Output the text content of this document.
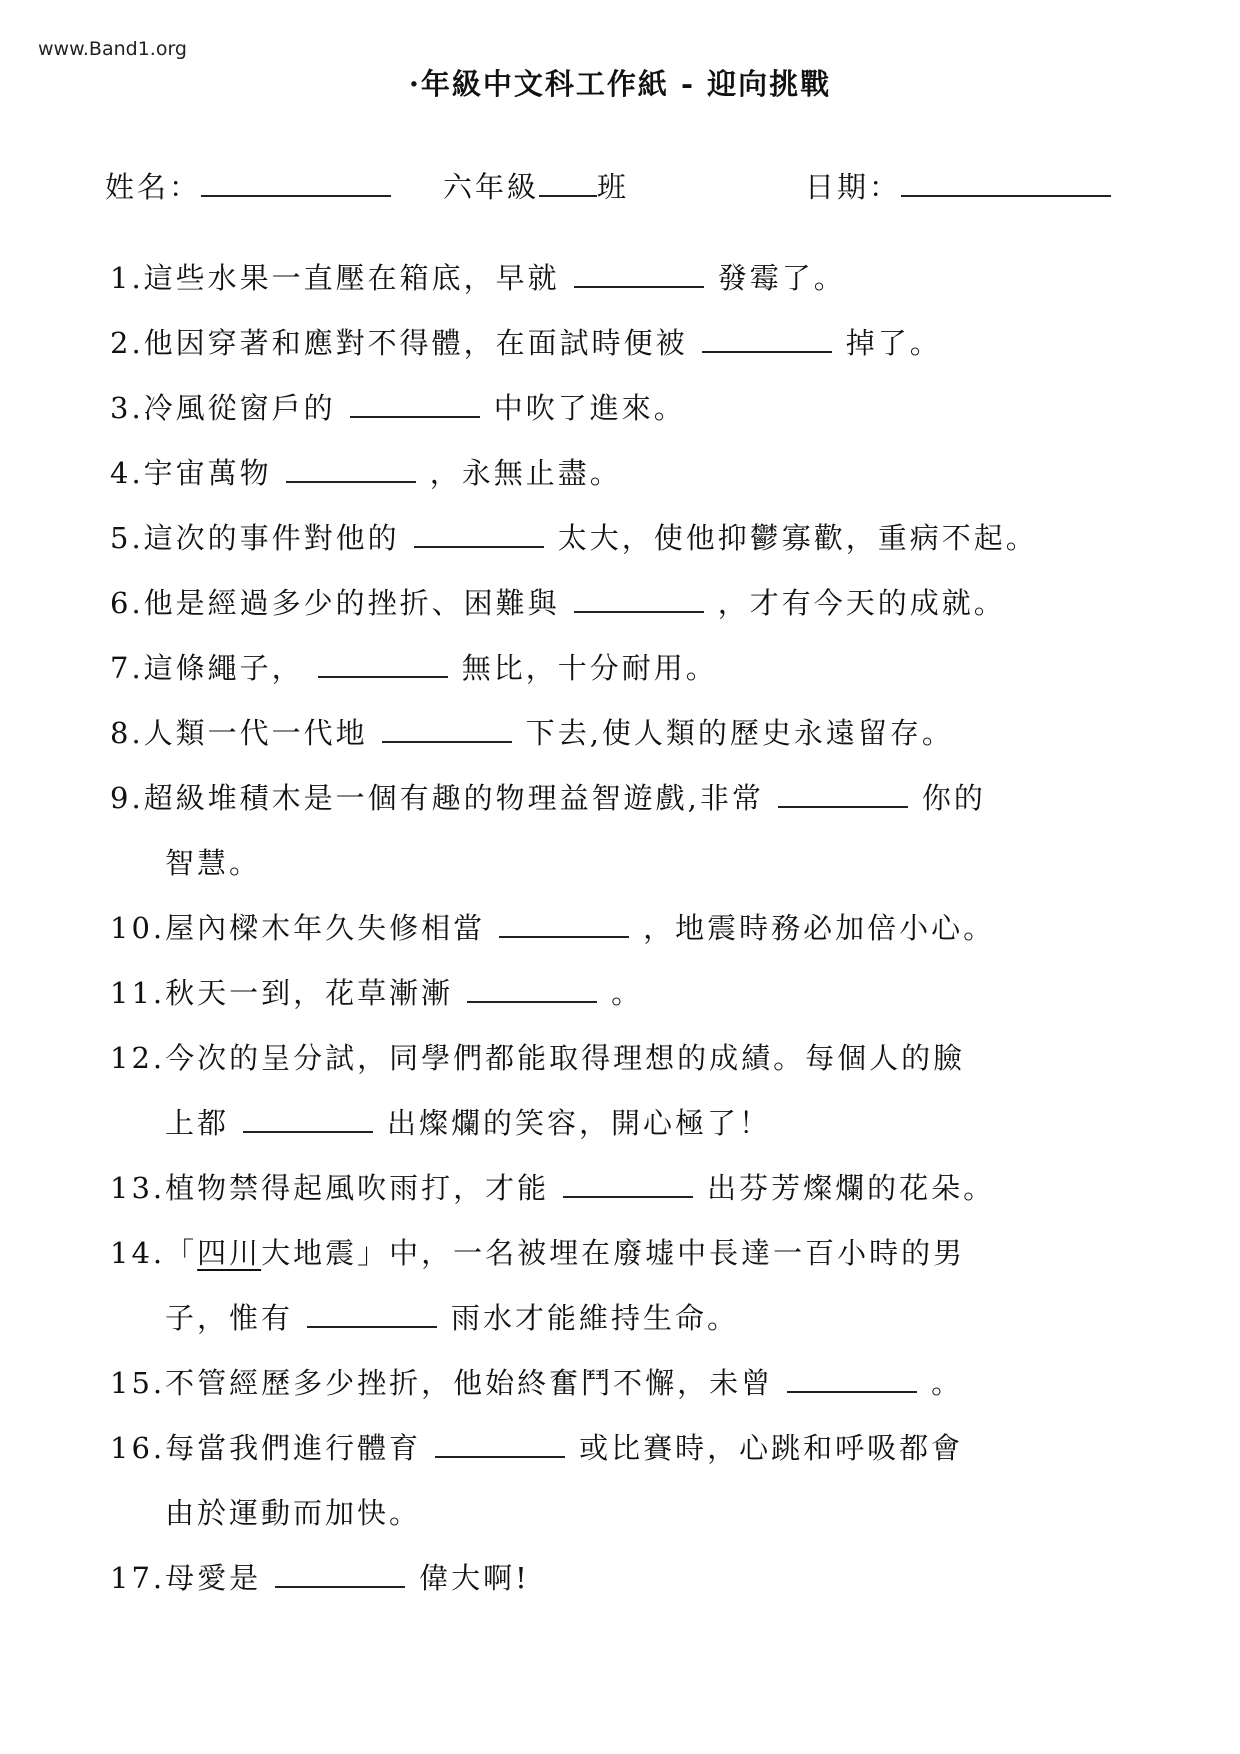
www.Band1.org
·年級中文科工作紙 - 迎向挑戰
姓名：	六年級 班	日期：
1.這些水果一直壓在箱底，早就	發霉了。
2.他因穿著和應對不得體，在面試時便被	掉了。
3.冷風從窗戶的	中吹了進來。
4.宇宙萬物	，永無止盡。
5.這次的事件對他的	太大，使他抑鬱寡歡，重病不起。
6.他是經過多少的挫折、困難與	，才有今天的成就。
7.這條繩子，	無比，十分耐用。
8.人類一代一代地	下去,使人類的歷史永遠留存。
9.超級堆積木是一個有趣的物理益智遊戲,非常	你的
智慧。
10.屋內樑木年久失修相當	，地震時務必加倍小心。
11.秋天一到，花草漸漸	。
12.今次的呈分試，同學們都能取得理想的成績。每個人的臉
上都	出燦爛的笑容，開心極了！
13.植物禁得起風吹雨打，才能	出芬芳燦爛的花朵。
14.「四川大地震」中，一名被埋在廢墟中長達一百小時的男
子，惟有	雨水才能維持生命。
15.不管經歷多少挫折，他始終奮鬥不懈，未曾	。
16.每當我們進行體育	或比賽時，心跳和呼吸都會
由於運動而加快。
17.母愛是	偉大啊!
